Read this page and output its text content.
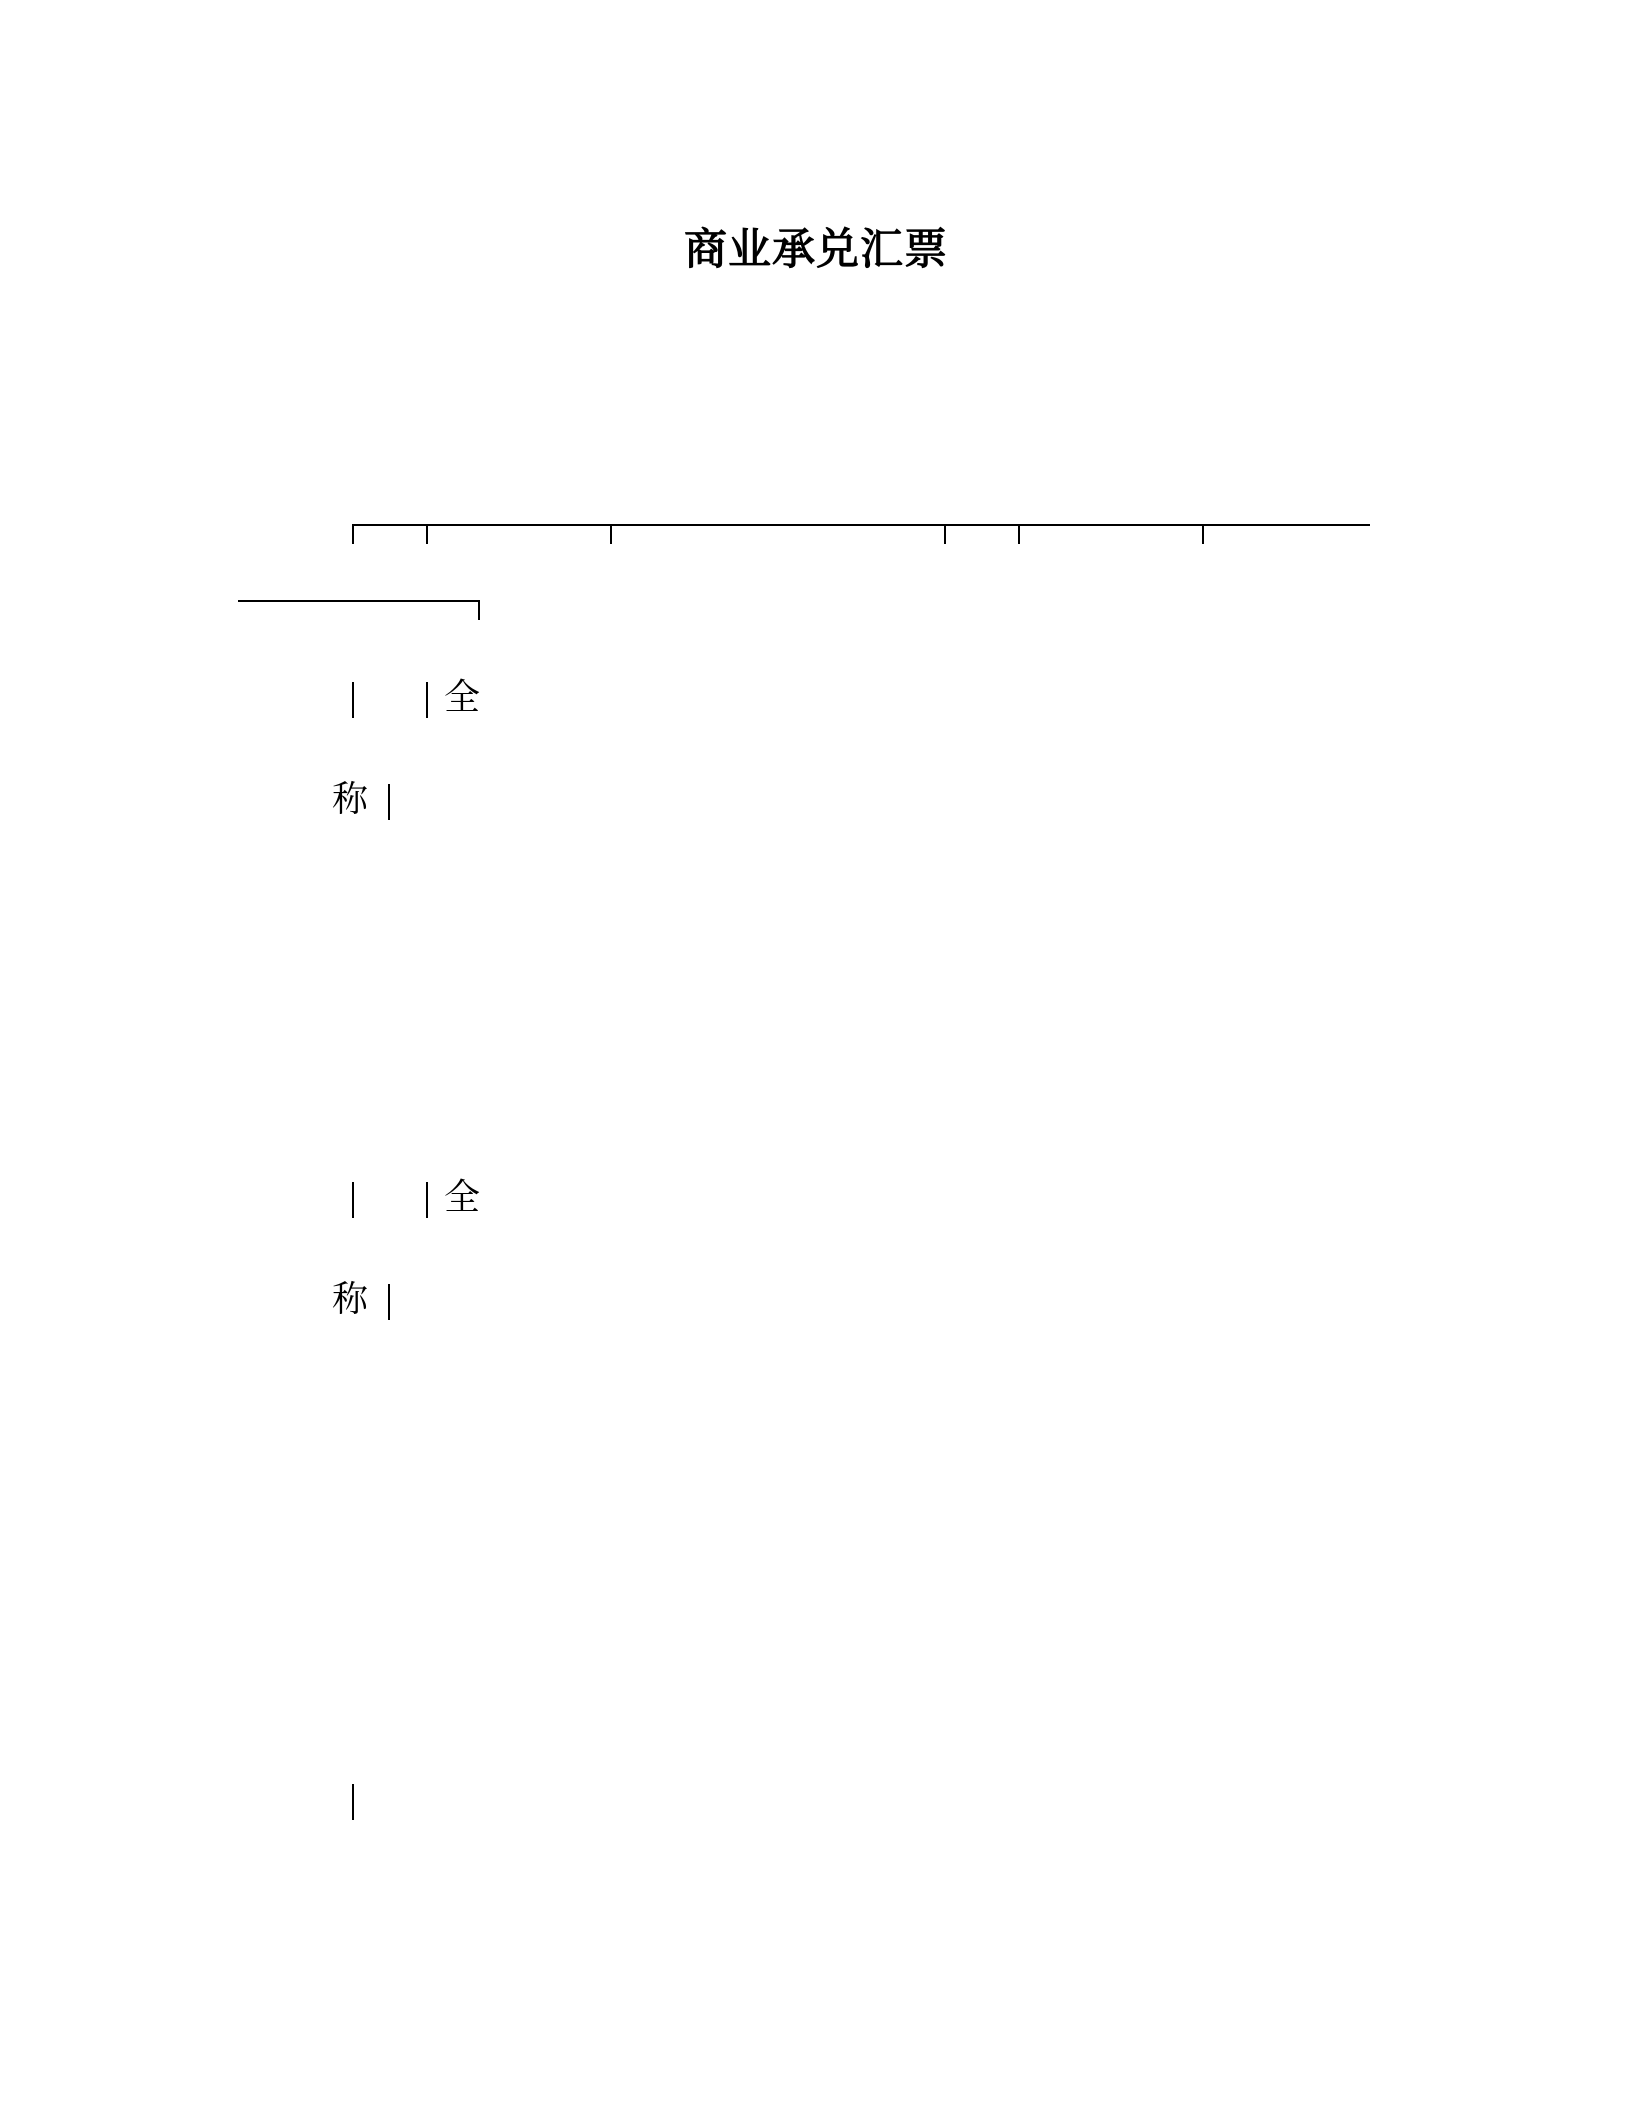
商业承兑汇票
全
称
全
称
